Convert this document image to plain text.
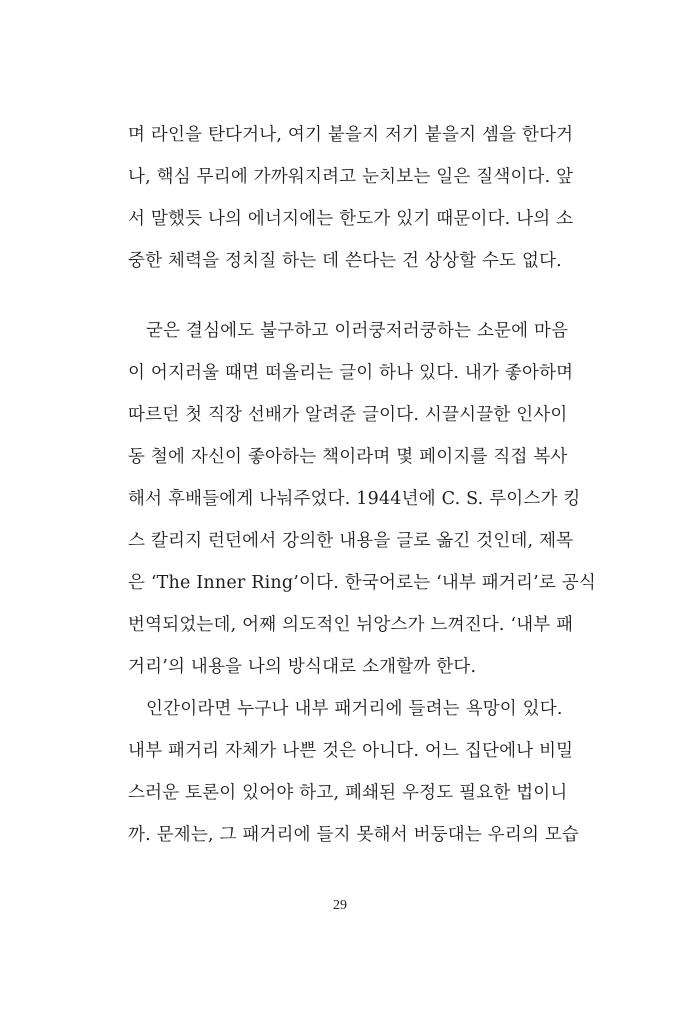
며 라인을 탄다거나, 여기 붙을지 저기 붙을지 셈을 한다거
나, 핵심 무리에 가까워지려고 눈치보는 일은 질색이다. 앞
서 말했듯 나의 에너지에는 한도가 있기 때문이다. 나의 소
중한 체력을 정치질 하는 데 쓴다는 건 상상할 수도 없다.
굳은 결심에도 불구하고 이러쿵저러쿵하는 소문에 마음
이 어지러울 때면 떠올리는 글이 하나 있다. 내가 좋아하며
따르던 첫 직장 선배가 알려준 글이다. 시끌시끌한 인사이
동 철에 자신이 좋아하는 책이라며 몇 페이지를 직접 복사
해서 후배들에게 나눠주었다. 1944년에 C. S. 루이스가 킹
스 칼리지 런던에서 강의한 내용을 글로 옮긴 것인데, 제목
은 ‘The Inner Ring’이다. 한국어로는 ‘내부 패거리’로 공식
번역되었는데, 어째 의도적인 뉘앙스가 느껴진다. ‘내부 패
거리’의 내용을 나의 방식대로 소개할까 한다.
인간이라면 누구나 내부 패거리에 들려는 욕망이 있다.
내부 패거리 자체가 나쁜 것은 아니다. 어느 집단에나 비밀
스러운 토론이 있어야 하고, 폐쇄된 우정도 필요한 법이니
까. 문제는, 그 패거리에 들지 못해서 버둥대는 우리의 모습
29
